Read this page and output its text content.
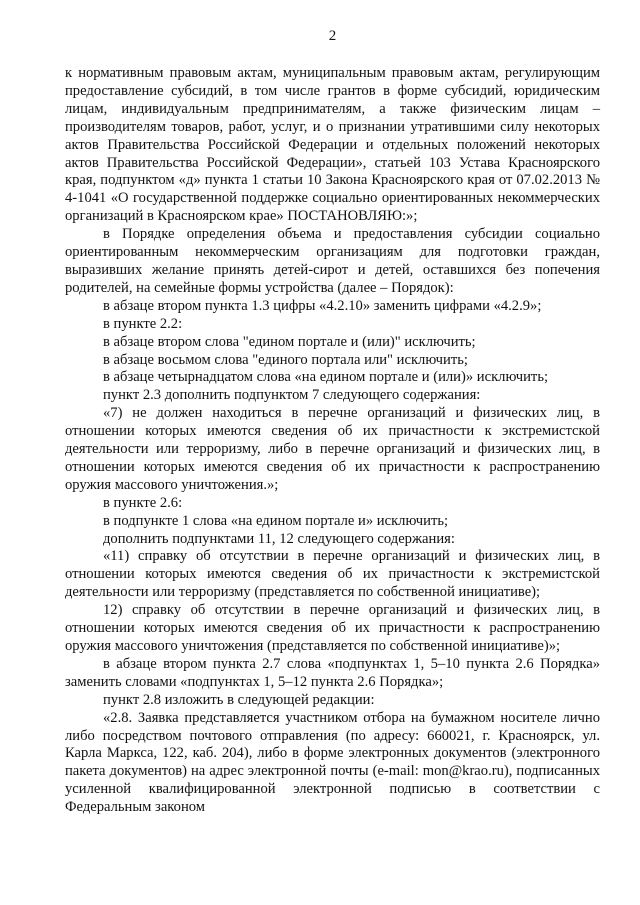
2

к нормативным правовым актам, муниципальным правовым актам, регулирующим предоставление субсидий, в том числе грантов в форме субсидий, юридическим лицам, индивидуальным предпринимателям, а также физическим лицам – производителям товаров, работ, услуг, и о признании утратившими силу некоторых актов Правительства Российской Федерации и отдельных положений некоторых актов Правительства Российской Федерации», статьей 103 Устава Красноярского края, подпунктом «д» пункта 1 статьи 10 Закона Красноярского края от 07.02.2013 № 4-1041 «О государственной поддержке социально ориентированных некоммерческих организаций в Красноярском крае» ПОСТАНОВЛЯЮ:»;

в Порядке определения объема и предоставления субсидии социально ориентированным некоммерческим организациям для подготовки граждан, выразивших желание принять детей-сирот и детей, оставшихся без попечения родителей, на семейные формы устройства (далее – Порядок):

в абзаце втором пункта 1.3 цифры «4.2.10» заменить цифрами «4.2.9»;

в пункте 2.2:

в абзаце втором слова "едином портале и (или)" исключить;

в абзаце восьмом слова "единого портала или" исключить;

в абзаце четырнадцатом слова «на едином портале и (или)» исключить;

пункт 2.3 дополнить подпунктом 7 следующего содержания:

«7) не должен находиться в перечне организаций и физических лиц, в отношении которых имеются сведения об их причастности к экстремистской деятельности или терроризму, либо в перечне организаций и физических лиц, в отношении которых имеются сведения об их причастности к распространению оружия массового уничтожения.»;

в пункте 2.6:

в подпункте 1 слова «на едином портале и» исключить;

дополнить подпунктами 11, 12 следующего содержания:

«11) справку об отсутствии в перечне организаций и физических лиц, в отношении которых имеются сведения об их причастности к экстремистской деятельности или терроризму (представляется по собственной инициативе);

12) справку об отсутствии в перечне организаций и физических лиц, в отношении которых имеются сведения об их причастности к распространению оружия массового уничтожения (представляется по собственной инициативе)»;

в абзаце втором пункта 2.7 слова «подпунктах 1, 5–10 пункта 2.6 Порядка» заменить словами «подпунктах 1, 5–12 пункта 2.6 Порядка»;

пункт 2.8 изложить в следующей редакции:

«2.8. Заявка представляется участником отбора на бумажном носителе лично либо посредством почтового отправления (по адресу: 660021, г. Красноярск, ул. Карла Маркса, 122, каб. 204), либо в форме электронных документов (электронного пакета документов) на адрес электронной почты (e-mail: mon@krao.ru), подписанных усиленной квалифицированной электронной подписью в соответствии с Федеральным законом
